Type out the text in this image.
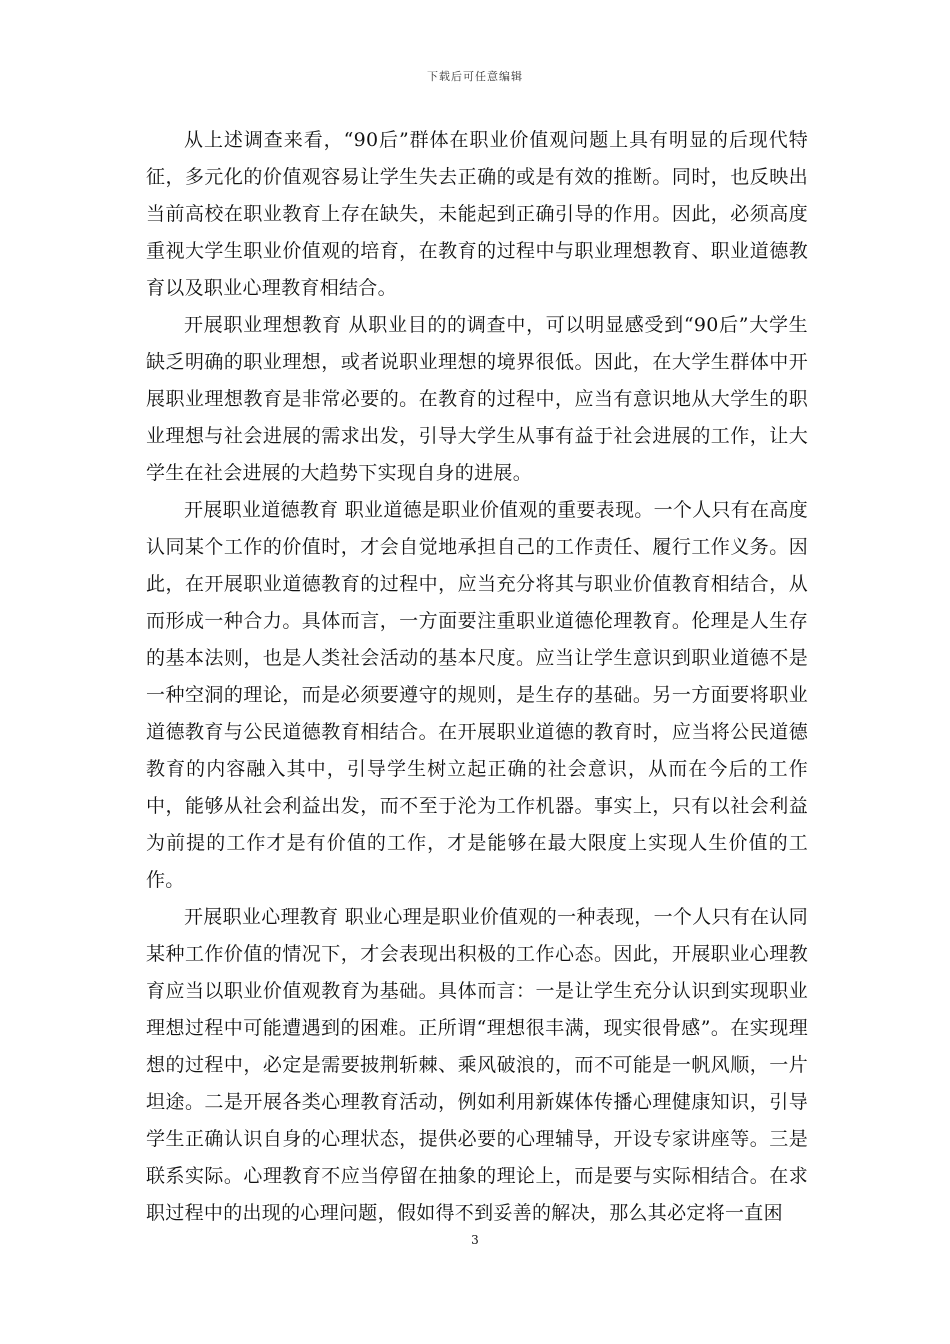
下载后可任意编辑

从上述调查来看，“90后”群体在职业价值观问题上具有明显的后现代特征，多元化的价值观容易让学生失去正确的或是有效的推断。同时，也反映出当前高校在职业教育上存在缺失，未能起到正确引导的作用。因此，必须高度重视大学生职业价值观的培育，在教育的过程中与职业理想教育、职业道德教育以及职业心理教育相结合。

开展职业理想教育 从职业目的的调查中，可以明显感受到“90后”大学生缺乏明确的职业理想，或者说职业理想的境界很低。因此，在大学生群体中开展职业理想教育是非常必要的。在教育的过程中，应当有意识地从大学生的职业理想与社会进展的需求出发，引导大学生从事有益于社会进展的工作，让大学生在社会进展的大趋势下实现自身的进展。

开展职业道德教育 职业道德是职业价值观的重要表现。一个人只有在高度认同某个工作的价值时，才会自觉地承担自己的工作责任、履行工作义务。因此，在开展职业道德教育的过程中，应当充分将其与职业价值教育相结合，从而形成一种合力。具体而言，一方面要注重职业道德伦理教育。伦理是人生存的基本法则，也是人类社会活动的基本尺度。应当让学生意识到职业道德不是一种空洞的理论，而是必须要遵守的规则，是生存的基础。另一方面要将职业道德教育与公民道德教育相结合。在开展职业道德的教育时，应当将公民道德教育的内容融入其中，引导学生树立起正确的社会意识，从而在今后的工作中，能够从社会利益出发，而不至于沦为工作机器。事实上，只有以社会利益为前提的工作才是有价值的工作，才是能够在最大限度上实现人生价值的工作。

开展职业心理教育 职业心理是职业价值观的一种表现，一个人只有在认同某种工作价值的情况下，才会表现出积极的工作心态。因此，开展职业心理教育应当以职业价值观教育为基础。具体而言：一是让学生充分认识到实现职业理想过程中可能遭遇到的困难。正所谓“理想很丰满，现实很骨感”。在实现理想的过程中，必定是需要披荆斩棘、乘风破浪的，而不可能是一帆风顺，一片坦途。二是开展各类心理教育活动，例如利用新媒体传播心理健康知识，引导学生正确认识自身的心理状态，提供必要的心理辅导，开设专家讲座等。三是联系实际。心理教育不应当停留在抽象的理论上，而是要与实际相结合。在求职过程中的出现的心理问题，假如得不到妥善的解决，那么其必定将一直困

3
